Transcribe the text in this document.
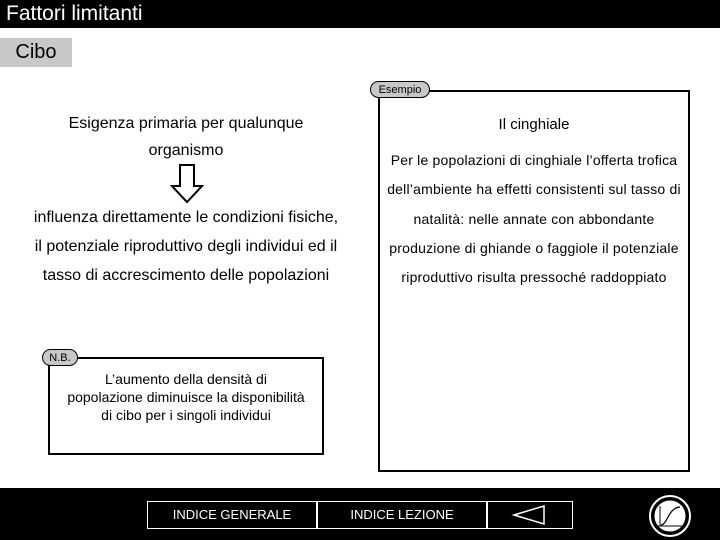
Fattori limitanti
Cibo
Esigenza primaria per qualunque organismo
influenza direttamente le condizioni fisiche, il potenziale riproduttivo degli individui ed il tasso di accrescimento delle popolazioni
Esempio
Il cinghiale
Per le popolazioni di cinghiale l’offerta trofica dell’ambiente ha effetti consistenti sul tasso di natalità: nelle annate con abbondante produzione di ghiande o faggiole il potenziale riproduttivo risulta pressoché raddoppiato
N.B.
L’aumento della densità di popolazione diminuisce la disponibilità di cibo per i singoli individui
INDICE GENERALE	INDICE LEZIONE
